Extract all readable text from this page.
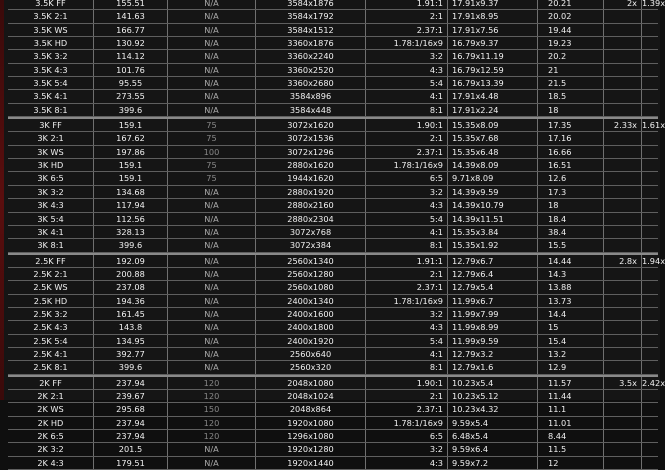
3.5K FF	155.51	N/A	3584x1876	1.91:1	17.91x9.37	20.21	2x 1.39x
3.5K 2:1	141.63	N/A	3584x1792	2:1	17.91x8.95	20.02
3.5K WS	166.77	N/A	3584x1512	2.37:1	17.91x7.56	19.44
3.5K HD	130.92	N/A	3360x1876	1.78:1/16x9	16.79x9.37	19.23
3.5K 3:2	114.12	N/A	3360x2240	3:2	16.79x11.19	20.2
3.5K 4:3	101.76	N/A	3360x2520	4:3	16.79x12.59	21
3.5K 5:4	95.55	N/A	3360x2680	5:4	16.79x13.39	21.5
3.5K 4:1	273.55	N/A	3584x896	4:1	17.91x4.48	18.5
3.5K 8:1	399.6	N/A	3584x448	8:1	17.91x2.24	18
3K FF	159.1	75	3072x1620	1.90:1	15.35x8.09	17.35	2.33x 1.61x
3K 2:1	167.62	75	3072x1536	2:1	15.35x7.68	17.16
3K WS	197.86	100	3072x1296	2.37:1	15.35x6.48	16.66
3K HD	159.1	75	2880x1620	1.78:1/16x9	14.39x8.09	16.51
3K 6:5	159.1	75	1944x1620	6:5	9.71x8.09	12.6
3K 3:2	134.68	N/A	2880x1920	3:2	14.39x9.59	17.3
3K 4:3	117.94	N/A	2880x2160	4:3	14.39x10.79	18
3K 5:4	112.56	N/A	2880x2304	5:4	14.39x11.51	18.4
3K 4:1	328.13	N/A	3072x768	4:1	15.35x3.84	38.4
3K 8:1	399.6	N/A	3072x384	8:1	15.35x1.92	15.5
2.5K FF	192.09	N/A	2560x1340	1.91:1	12.79x6.7	14.44	2.8x 1.94x
2.5K 2:1	200.88	N/A	2560x1280	2:1	12.79x6.4	14.3
2.5K WS	237.08	N/A	2560x1080	2.37:1	12.79x5.4	13.88
2.5K HD	194.36	N/A	2400x1340	1.78:1/16x9	11.99x6.7	13.73
2.5K 3:2	161.45	N/A	2400x1600	3:2	11.99x7.99	14.4
2.5K 4:3	143.8	N/A	2400x1800	4:3	11.99x8.99	15
2.5K 5:4	134.95	N/A	2400x1920	5:4	11.99x9.59	15.4
2.5K 4:1	392.77	N/A	2560x640	4:1	12.79x3.2	13.2
2.5K 8:1	399.6	N/A	2560x320	8:1	12.79x1.6	12.9
2K FF	237.94	120	2048x1080	1.90:1	10.23x5.4	11.57	3.5x 2.42x
2K 2:1	239.67	120	2048x1024	2:1	10.23x5.12	11.44
2K WS	295.68	150	2048x864	2.37:1	10.23x4.32	11.1
2K HD	237.94	120	1920x1080	1.78:1/16x9	9.59x5.4	11.01
2K 6:5	237.94	120	1296x1080	6:5	6.48x5.4	8.44
2K 3:2	201.5	N/A	1920x1280	3:2	9.59x6.4	11.5
2K 4:3	179.51	N/A	1920x1440	4:3	9.59x7.2	12
